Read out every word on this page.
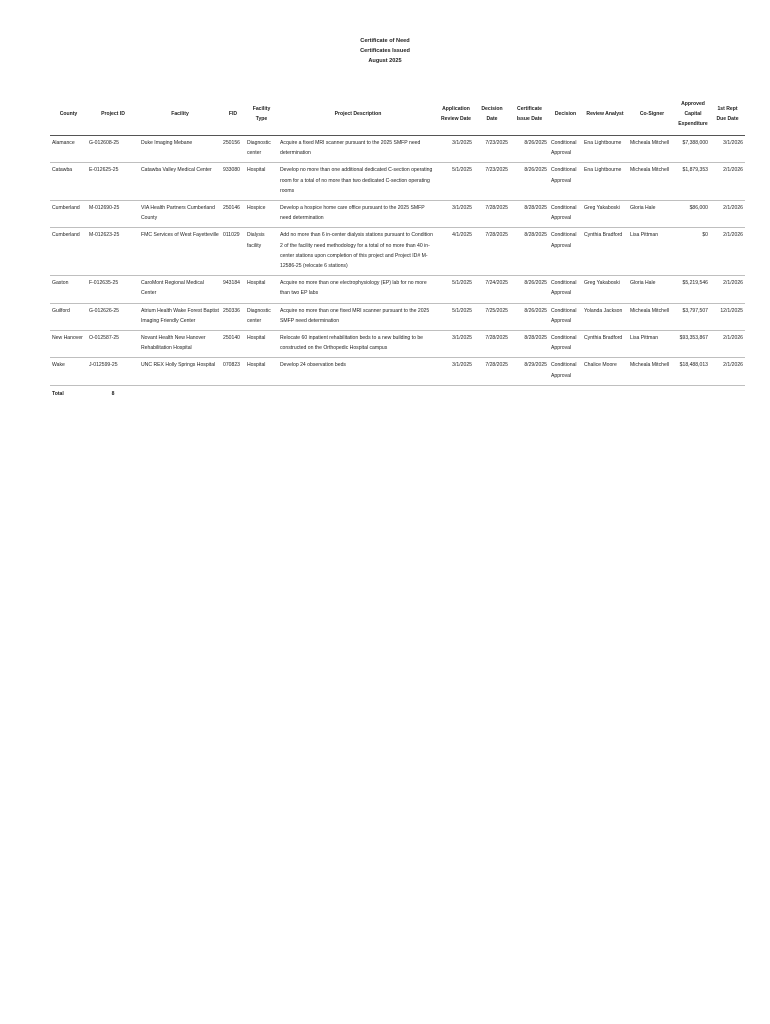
Certificate of Need
Certificates Issued
August 2025
County	Project ID	Facility	FID	Facility Type	Project Description	Application Review Date	Decision Date	Certificate Issue Date	Decision	Review Analyst	Co-Signer	Approved Capital Expenditure	1st Rept Due Date
Alamance	G-012608-25	Duke Imaging Mebane	250156	Diagnostic center	Acquire a fixed MRI scanner pursuant to the 2025 SMFP need determination	3/1/2025	7/23/2025	8/26/2025	Conditional Approval	Ena Lightbourne	Micheala Mitchell	$7,388,000	3/1/2026
Catawba	E-012625-25	Catawba Valley Medical Center	933080	Hospital	Develop no more than one additional dedicated C-section operating room for a total of no more than two dedicated C-section operating rooms	5/1/2025	7/23/2025	8/26/2025	Conditional Approval	Ena Lightbourne	Micheala Mitchell	$1,879,353	2/1/2026
Cumberland	M-012690-25	VIA Health Partners Cumberland County	250146	Hospice	Develop a hospice home care office pursuant to the 2025 SMFP need determination	3/1/2025	7/28/2025	8/28/2025	Conditional Approval	Greg Yakaboski	Gloria Hale	$86,000	2/1/2026
Cumberland	M-012623-25	FMC Services of West Fayetteville	011029	Dialysis facility	Add no more than 6 in-center dialysis stations pursuant to Condition 2 of the facility need methodology for a total of no more than 40 in-center stations upon completion of this project and Project ID# M-12586-25 (relocate 6 stations)	4/1/2025	7/28/2025	8/28/2025	Conditional Approval	Cynthia Bradford	Lisa Pittman	$0	2/1/2026
Gaston	F-012635-25	CaroMont Regional Medical Center	943184	Hospital	Acquire no more than one electrophysiology (EP) lab for no more than two EP labs	5/1/2025	7/24/2025	8/26/2025	Conditional Approval	Greg Yakaboski	Gloria Hale	$5,219,546	2/1/2026
Guilford	G-012626-25	Atrium Health Wake Forest Baptist Imaging Friendly Center	250336	Diagnostic center	Acquire no more than one fixed MRI scanner pursuant to the 2025 SMFP need determination	5/1/2025	7/25/2025	8/26/2025	Conditional Approval	Yolanda Jackson	Micheala Mitchell	$3,797,507	12/1/2025
New Hanover	O-012587-25	Novant Health New Hanover Rehabilitation Hospital	250140	Hospital	Relocate 60 inpatient rehabilitation beds to a new building to be constructed on the Orthopedic Hospital campus	3/1/2025	7/28/2025	8/28/2025	Conditional Approval	Cynthia Bradford	Lisa Pittman	$93,353,867	2/1/2026
Wake	J-012599-25	UNC REX Holly Springs Hospital	070823	Hospital	Develop 24 observation beds	3/1/2025	7/28/2025	8/29/2025	Conditional Approval	Chalice Moore	Micheala Mitchell	$18,488,013	2/1/2026
Total	8												
